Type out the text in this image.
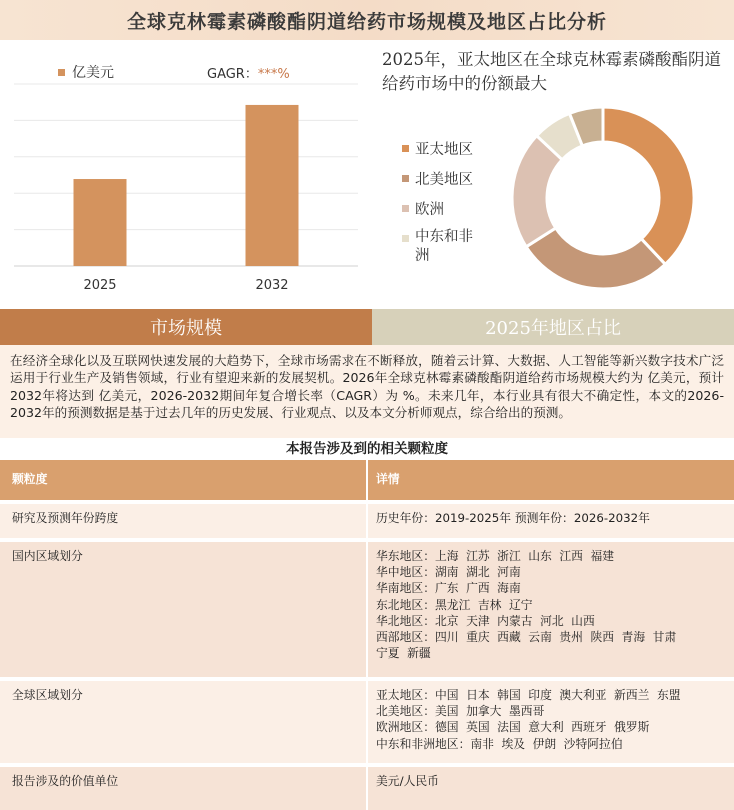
全球克林霉素磷酸酯阴道给药市场规模及地区占比分析
2025	2032
亿美元	GAGR：***%
2025年，亚太地区在全球克林霉素磷酸酯阴道给药市场中的份额最大
亚太地区
北美地区
欧洲
中东和非洲
市场规模	2025年地区占比
在经济全球化以及互联网快速发展的大趋势下，全球市场需求在不断释放，随着云计算、大数据、人工智能等新兴数字技术广泛运用于行业生产及销售领域，行业有望迎来新的发展契机。2026年全球克林霉素磷酸酯阴道给药市场规模大约为 亿美元，预计2032年将达到 亿美元，2026-2032期间年复合增长率（CAGR）为 %。未来几年，本行业具有很大不确定性，本文的2026-2032年的预测数据是基于过去几年的历史发展、行业观点、以及本文分析师观点，综合给出的预测。
本报告涉及到的相关颗粒度
颗粒度	详情
研究及预测年份跨度	历史年份：2019-2025年 预测年份：2026-2032年
国内区域划分	华东地区：上海  江苏  浙江  山东  江西  福建
华中地区：湖南  湖北  河南
华南地区：广东  广西  海南
东北地区：黑龙江  吉林  辽宁
华北地区：北京  天津  内蒙古  河北  山西
西部地区：四川  重庆  西藏  云南  贵州  陕西  青海  甘肃
宁夏  新疆
全球区域划分	亚太地区：中国  日本  韩国  印度  澳大利亚  新西兰  东盟
北美地区：美国  加拿大  墨西哥
欧洲地区：德国  英国  法国  意大利  西班牙  俄罗斯
中东和非洲地区：南非  埃及  伊朗  沙特阿拉伯
报告涉及的价值单位	美元/人民币
